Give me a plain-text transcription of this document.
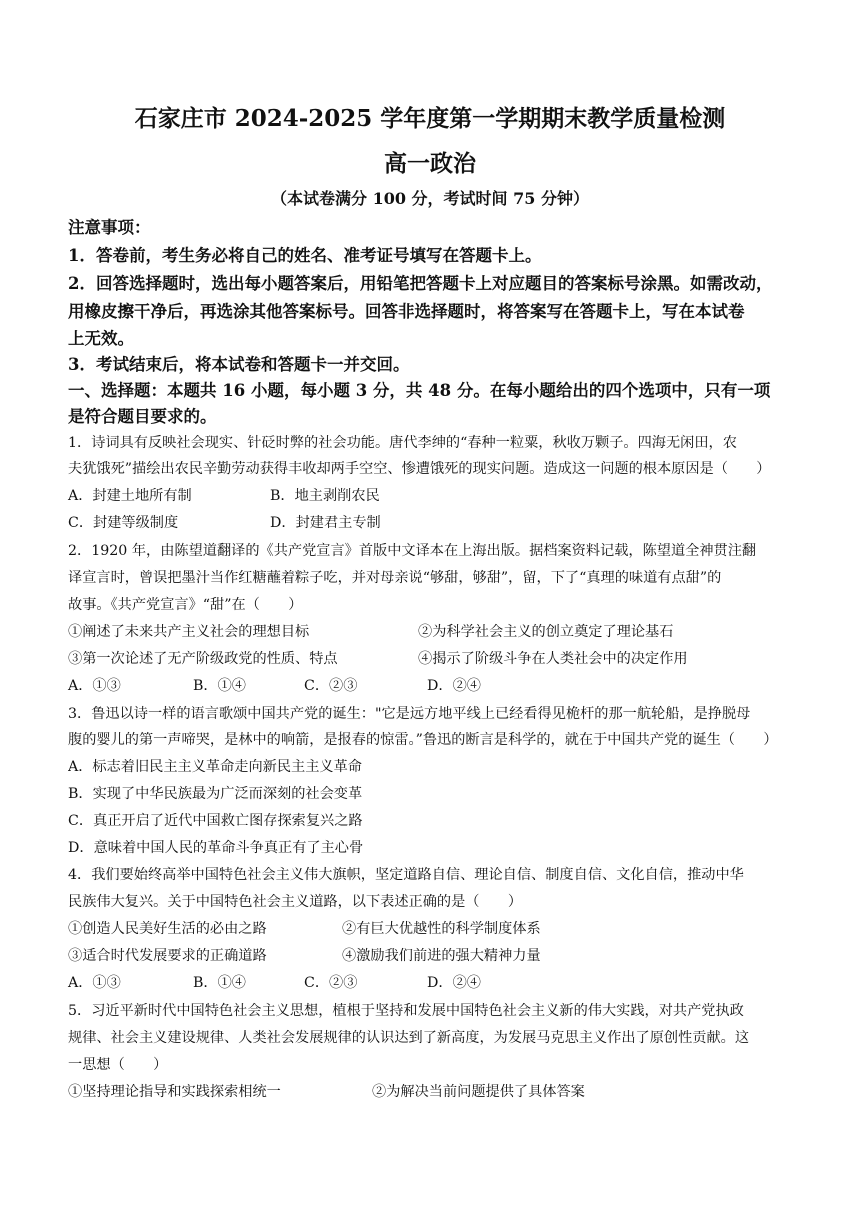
石家庄市 2024-2025 学年度第一学期期末教学质量检测
高一政治
（本试卷满分 100 分，考试时间 75 分钟）
注意事项：
1．答卷前，考生务必将自己的姓名、准考证号填写在答题卡上。
2．回答选择题时，选出每小题答案后，用铅笔把答题卡上对应题目的答案标号涂黑。如需改动，
用橡皮擦干净后，再选涂其他答案标号。回答非选择题时，将答案写在答题卡上，写在本试卷
上无效。
3．考试结束后，将本试卷和答题卡一并交回。
一、选择题：本题共 16 小题，每小题 3 分，共 48 分。在每小题给出的四个选项中，只有一项
是符合题目要求的。
1．诗词具有反映社会现实、针砭时弊的社会功能。唐代李绅的“春种一粒粟，秋收万颗子。四海无闲田，农
夫犹饿死”描绘出农民辛勤劳动获得丰收却两手空空、惨遭饿死的现实问题。造成这一问题的根本原因是（　　）
A．封建土地所有制	B．地主剥削农民
C．封建等级制度	D．封建君主专制
2．1920 年，由陈望道翻译的《共产党宣言》首版中文译本在上海出版。据档案资料记载，陈望道全神贯注翻
译宣言时，曾误把墨汁当作红糖蘸着粽子吃，并对母亲说“够甜，够甜”，留，下了“真理的味道有点甜”的
故事。《共产党宣言》“甜”在（　　）
①阐述了未来共产主义社会的理想目标	②为科学社会主义的创立奠定了理论基石
③第一次论述了无产阶级政党的性质、特点	④揭示了阶级斗争在人类社会中的决定作用
A．①③	B．①④	C．②③	D．②④
3．鲁迅以诗一样的语言歌颂中国共产党的诞生："它是远方地平线上已经看得见桅杆的那一航轮船，是挣脱母
腹的婴儿的第一声啼哭，是林中的响箭，是报春的惊雷。”鲁迅的断言是科学的，就在于中国共产党的诞生（　　）
A．标志着旧民主主义革命走向新民主主义革命
B．实现了中华民族最为广泛而深刻的社会变革
C．真正开启了近代中国救亡图存探索复兴之路
D．意味着中国人民的革命斗争真正有了主心骨
4．我们要始终高举中国特色社会主义伟大旗帜，坚定道路自信、理论自信、制度自信、文化自信，推动中华
民族伟大复兴。关于中国特色社会主义道路，以下表述正确的是（　　）
①创造人民美好生活的必由之路	②有巨大优越性的科学制度体系
③适合时代发展要求的正确道路	④激励我们前进的强大精神力量
A．①③	B．①④	C．②③	D．②④
5．习近平新时代中国特色社会主义思想，植根于坚持和发展中国特色社会主义新的伟大实践，对共产党执政
规律、社会主义建设规律、人类社会发展规律的认识达到了新高度，为发展马克思主义作出了原创性贡献。这
一思想（　　）
①坚持理论指导和实践探索相统一	②为解决当前问题提供了具体答案
